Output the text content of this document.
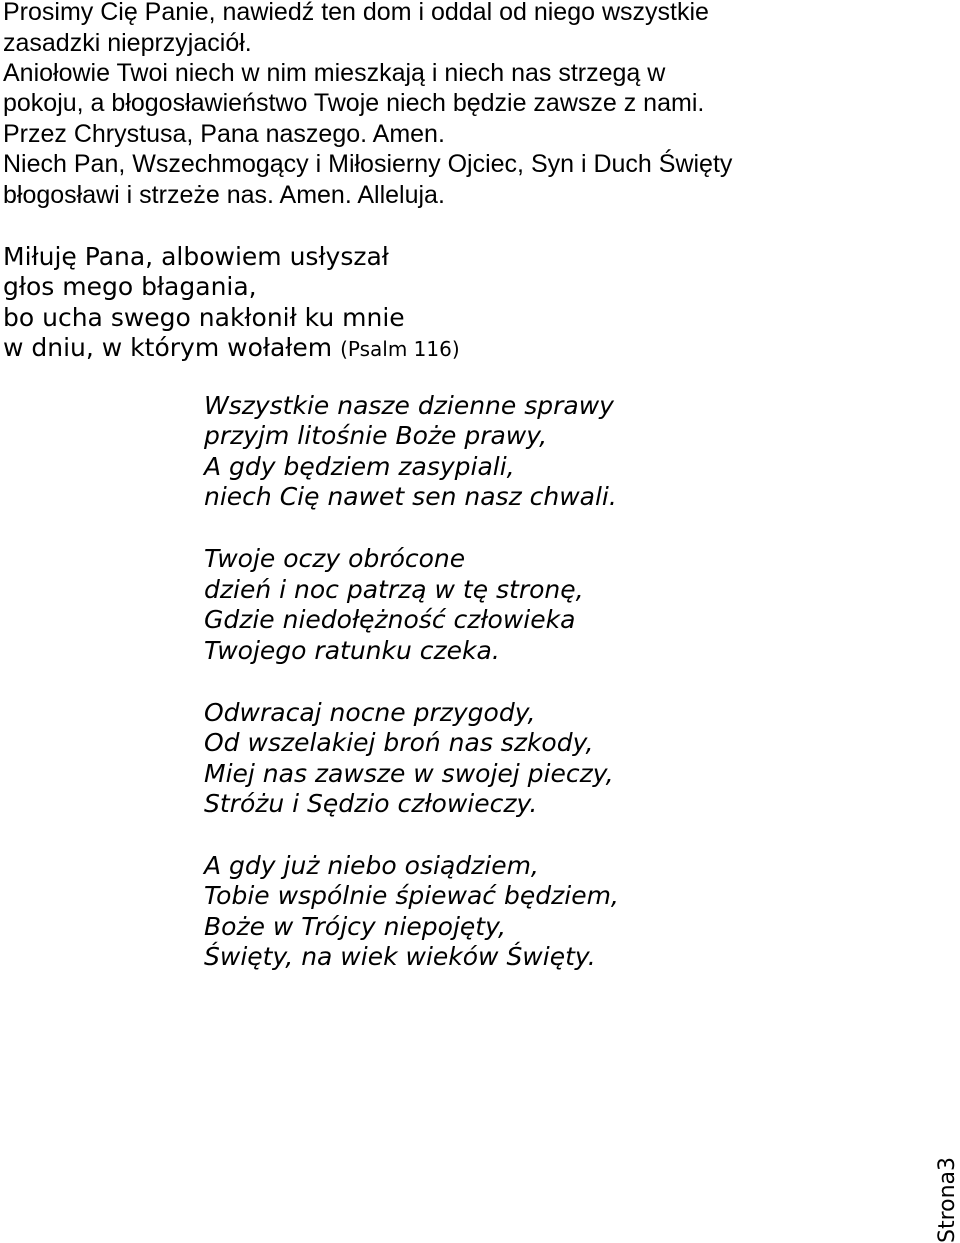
Prosimy Cię Panie, nawiedź ten dom i oddal od niego wszystkie

zasadzki nieprzyjaciół.

Aniołowie Twoi niech w nim mieszkają i niech nas strzegą w

pokoju, a błogosławieństwo Twoje niech będzie zawsze z nami.

Przez Chrystusa, Pana naszego. Amen.

Niech Pan, Wszechmogący i Miłosierny Ojciec, Syn i Duch Święty

błogosławi i strzeże nas. Amen. Alleluja.

Miłuję Pana, albowiem usłyszał

głos mego błagania,

bo ucha swego nakłonił ku mnie

w dniu, w którym wołałem (Psalm 116)

Wszystkie nasze dzienne sprawy

przyjm litośnie Boże prawy,

A gdy będziem zasypiali,

niech Cię nawet sen nasz chwali.

Twoje oczy obrócone

dzień i noc patrzą w tę stronę,

Gdzie niedołężność człowieka

Twojego ratunku czeka.

Odwracaj nocne przygody,

Od wszelakiej broń nas szkody,

Miej nas zawsze w swojej pieczy,

Stróżu i Sędzio człowieczy.

A gdy już niebo osiądziem,

Tobie wspólnie śpiewać będziem,

Boże w Trójcy niepojęty,

Święty, na wiek wieków Święty.

Strona3
